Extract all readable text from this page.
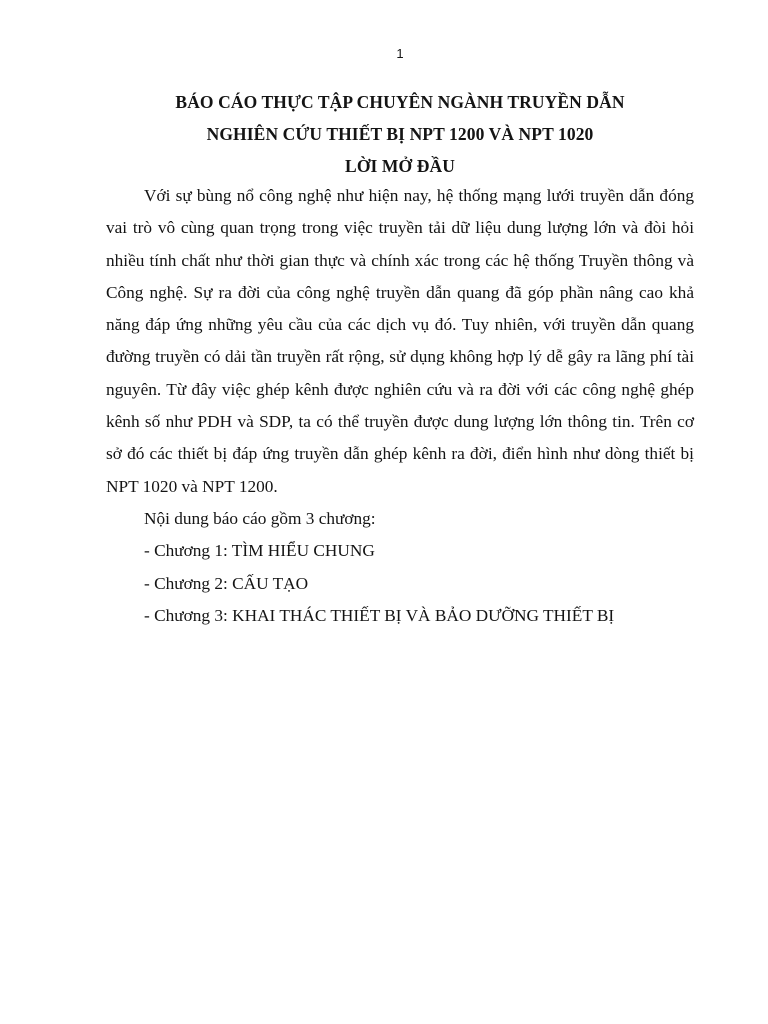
1
BÁO CÁO THỰC TẬP CHUYÊN NGÀNH TRUYỀN DẪN
NGHIÊN CỨU THIẾT BỊ NPT 1200 VÀ NPT 1020
LỜI MỞ ĐẦU

Với sự bùng nổ công nghệ như hiện nay, hệ thống mạng lưới truyền dẫn đóng vai trò vô cùng quan trọng trong việc truyền tải dữ liệu dung lượng lớn và đòi hỏi nhiều tính chất như thời gian thực và chính xác trong các hệ thống Truyền thông và Công nghệ. Sự ra đời của công nghệ truyền dẫn quang đã góp phần nâng cao khả năng đáp ứng những yêu cầu của các dịch vụ đó. Tuy nhiên, với truyền dẫn quang đường truyền có dải tần truyền rất rộng, sử dụng không hợp lý dễ gây ra lãng phí tài nguyên. Từ đây việc ghép kênh được nghiên cứu và ra đời với các công nghệ ghép kênh số như PDH và SDP, ta có thể truyền được dung lượng lớn thông tin. Trên cơ sở đó các thiết bị đáp ứng truyền dẫn ghép kênh ra đời, điển hình như dòng thiết bị NPT 1020 và NPT 1200.

Nội dung báo cáo gồm 3 chương:

- Chương 1: TÌM HIỂU CHUNG

- Chương 2: CẤU TẠO

- Chương 3: KHAI THÁC THIẾT BỊ VÀ BẢO DƯỠNG THIẾT BỊ
